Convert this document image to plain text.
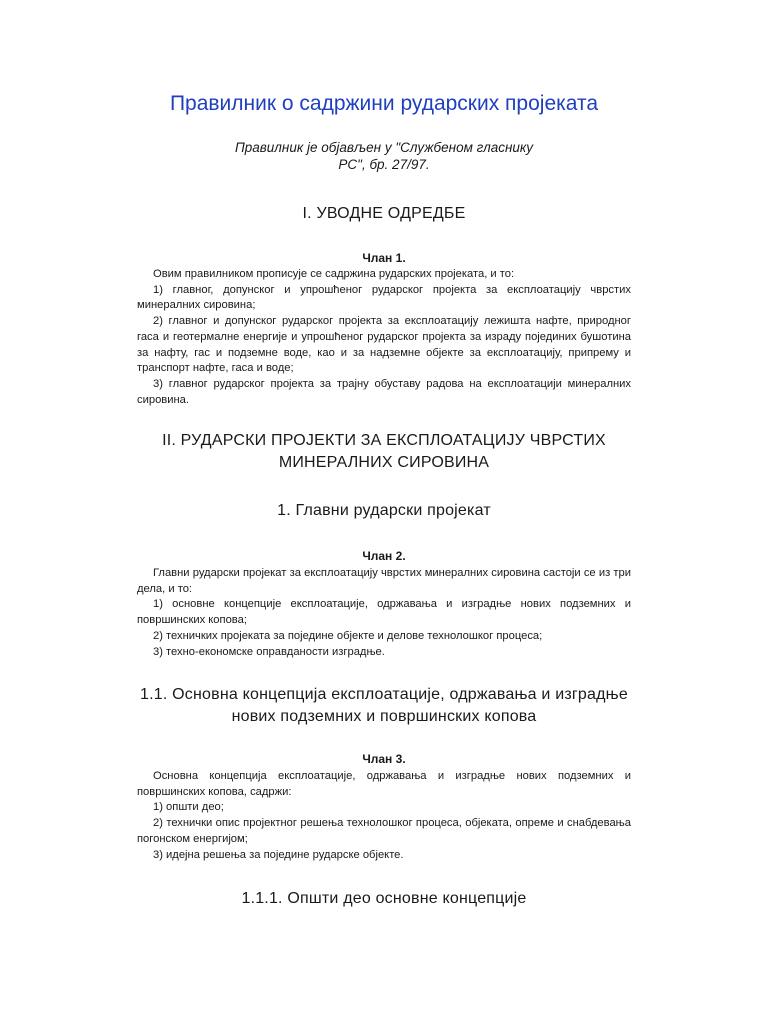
Правилник о садржини рударских пројеката
Правилник је објављен у "Службеном гласнику
РС", бр. 27/97.
I. УВОДНЕ ОДРЕДБЕ
Члан 1.
Овим правилником прописује се садржина рударских пројеката, и то:
1) главног, допунског и упрошћеног рударског пројекта за експлоатацију чврстих минералних сировина;
2) главног и допунског рударског пројекта за експлоатацију лежишта нафте, природног гаса и геотермалне енергије и упрошћеног рударског пројекта за израду појединих бушотина за нафту, гас и подземне воде, као и за надземне објекте за експлоатацију, припрему и транспорт нафте, гаса и воде;
3) главног рударског пројекта за трајну обуставу радова на експлоатацији минералних сировина.
II. РУДАРСКИ ПРОЈЕКТИ ЗА ЕКСПЛОАТАЦИЈУ ЧВРСТИХ
МИНЕРАЛНИХ СИРОВИНА
1. Главни рударски пројекат
Члан 2.
Главни рударски пројекат за експлоатацију чврстих минералних сировина састоји се из три дела, и то:
1) основне концепције експлоатације, одржавања и изградње нових подземних и површинских копова;
2) техничких пројеката за поједине објекте и делове технолошког процеса;
3) техно-економске оправданости изградње.
1.1. Основна концепција експлоатације, одржавања и изградње
нових подземних и површинских копова
Члан 3.
Основна концепција експлоатације, одржавања и изградње нових подземних и површинских копова, садржи:
1) општи део;
2) технички опис пројектног решења технолошког процеса, објеката, опреме и снабдевања погонском енергијом;
3) идејна решења за поједине рударске објекте.
1.1.1. Општи део основне концепције
